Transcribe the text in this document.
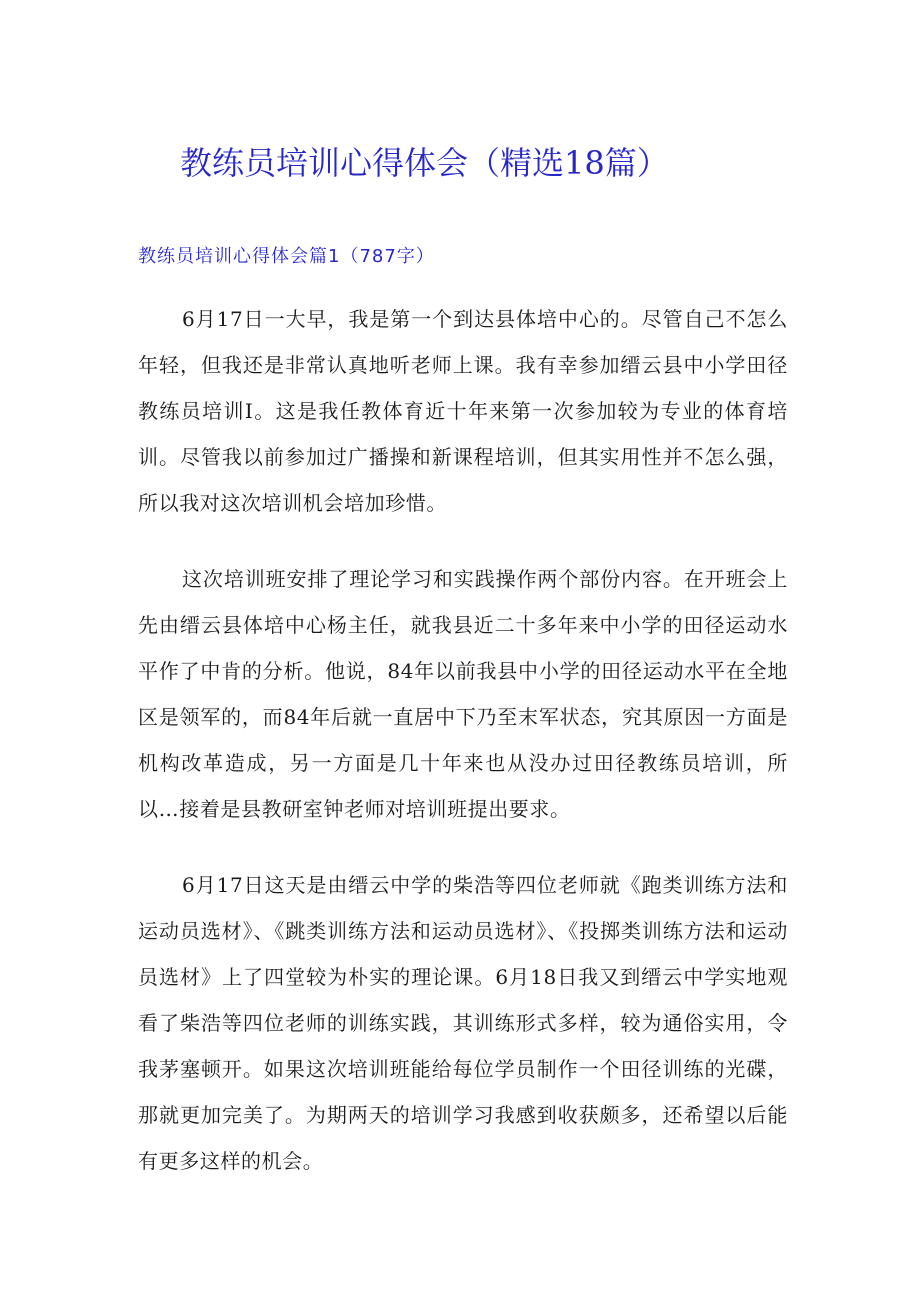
教练员培训心得体会（精选18篇）
教练员培训心得体会篇1（787字）

6月17日一大早，我是第一个到达县体培中心的。尽管自己不怎么年轻，但我还是非常认真地听老师上课。我有幸参加缙云县中小学田径教练员培训I。这是我任教体育近十年来第一次参加较为专业的体育培训。尽管我以前参加过广播操和新课程培训，但其实用性并不怎么强，所以我对这次培训机会培加珍惜。

这次培训班安排了理论学习和实践操作两个部份内容。在开班会上先由缙云县体培中心杨主任，就我县近二十多年来中小学的田径运动水平作了中肯的分析。他说，84年以前我县中小学的田径运动水平在全地区是领军的，而84年后就一直居中下乃至末军状态，究其原因一方面是机构改革造成，另一方面是几十年来也从没办过田径教练员培训，所以…接着是县教研室钟老师对培训班提出要求。

6月17日这天是由缙云中学的柴浩等四位老师就《跑类训练方法和运动员选材》、《跳类训练方法和运动员选材》、《投掷类训练方法和运动员选材》上了四堂较为朴实的理论课。6月18日我又到缙云中学实地观看了柴浩等四位老师的训练实践，其训练形式多样，较为通俗实用，令我茅塞顿开。如果这次培训班能给每位学员制作一个田径训练的光碟，那就更加完美了。为期两天的培训学习我感到收获颇多，还希望以后能有更多这样的机会。
